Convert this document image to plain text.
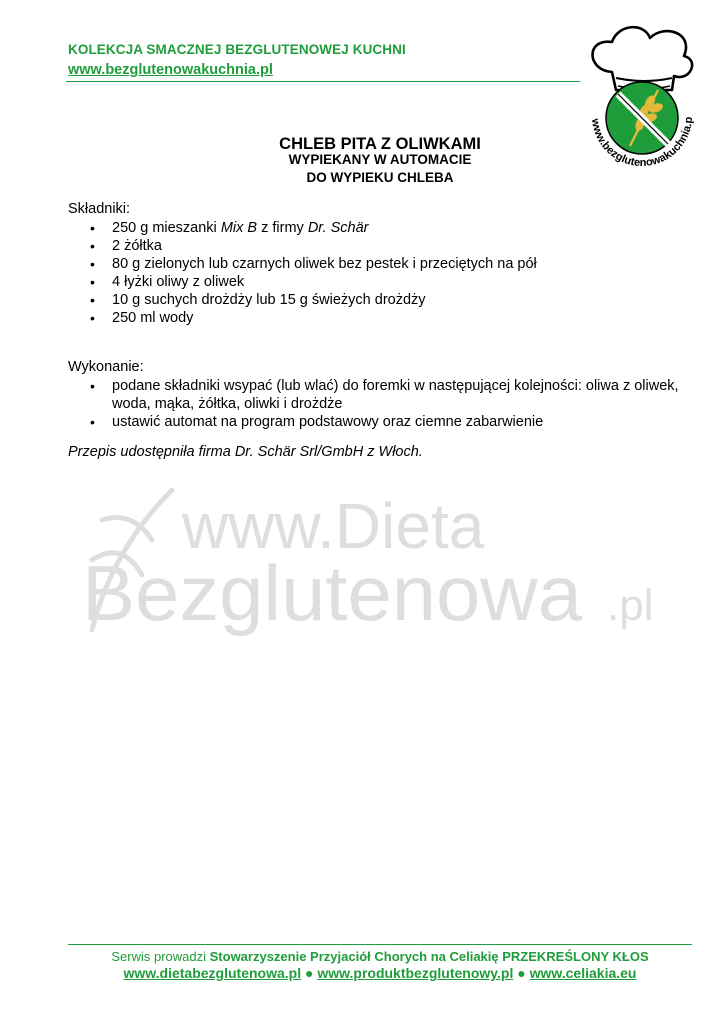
KOLEKCJA SMACZNEJ BEZGLUTENOWEJ KUCHNI
www.bezglutenowakuchnia.pl
www.bezglutenowakuchnia.p
CHLEB PITA Z OLIWKAMI
WYPIEKANY W AUTOMACIE
DO WYPIEKU CHLEBA
Składniki:
• 250 g mieszanki Mix B z firmy Dr. Schär
• 2 żółtka
• 80 g zielonych lub czarnych oliwek bez pestek i przeciętych na pół
• 4 łyżki oliwy z oliwek
• 10 g suchych drożdży lub 15 g świeżych drożdży
• 250 ml wody
Wykonanie:
• podane składniki wsypać (lub wlać) do foremki w następującej kolejności: oliwa z oliwek, woda, mąka, żółtka, oliwki i drożdże
• ustawić automat na program podstawowy oraz ciemne zabarwienie
Przepis udostępniła firma Dr. Schär Srl/GmbH z Włoch.
www.Dieta
Bezglutenowa .pl
Serwis prowadzi Stowarzyszenie Przyjaciół Chorych na Celiakię PRZEKREŚLONY KŁOS
www.dietabezglutenowa.pl ● www.produktbezglutenowy.pl ● www.celiakia.eu
